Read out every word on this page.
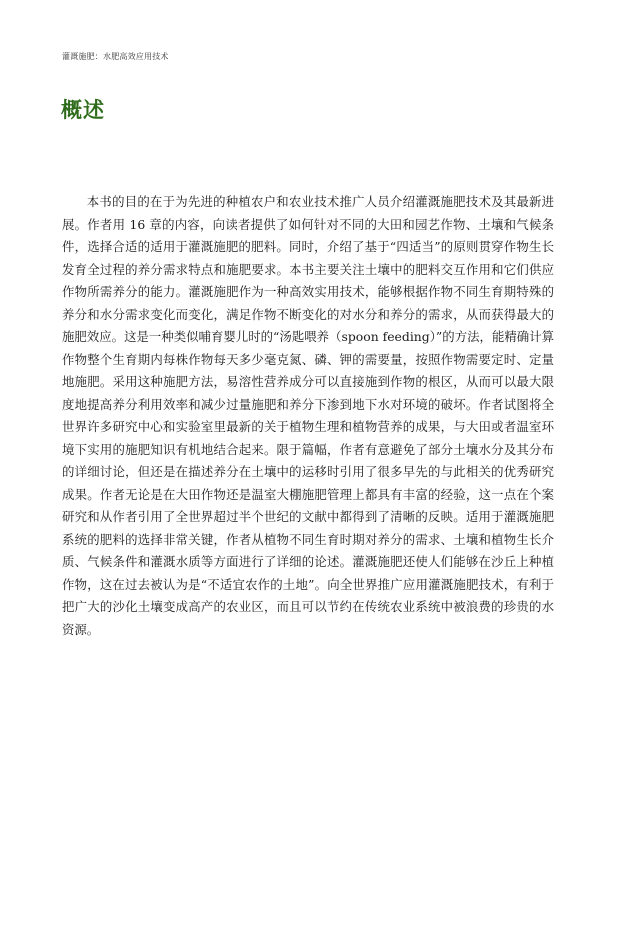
灌溉施肥：水肥高效应用技术
概述

本书的目的在于为先进的种植农户和农业技术推广人员介绍灌溉施肥技术及其最新进展。作者用 16 章的内容，向读者提供了如何针对不同的大田和园艺作物、土壤和气候条件，选择合适的适用于灌溉施肥的肥料。同时，介绍了基于“四适当”的原则贯穿作物生长发育全过程的养分需求特点和施肥要求。本书主要关注土壤中的肥料交互作用和它们供应作物所需养分的能力。灌溉施肥作为一种高效实用技术，能够根据作物不同生育期特殊的养分和水分需求变化而变化，满足作物不断变化的对水分和养分的需求，从而获得最大的施肥效应。这是一种类似哺育婴儿时的“汤匙喂养（spoon feeding）”的方法，能精确计算作物整个生育期内每株作物每天多少毫克氮、磷、钾的需要量，按照作物需要定时、定量地施肥。采用这种施肥方法，易溶性营养成分可以直接施到作物的根区，从而可以最大限度地提高养分利用效率和减少过量施肥和养分下渗到地下水对环境的破坏。作者试图将全世界许多研究中心和实验室里最新的关于植物生理和植物营养的成果，与大田或者温室环境下实用的施肥知识有机地结合起来。限于篇幅，作者有意避免了部分土壤水分及其分布的详细讨论，但还是在描述养分在土壤中的运移时引用了很多早先的与此相关的优秀研究成果。作者无论是在大田作物还是温室大棚施肥管理上都具有丰富的经验，这一点在个案研究和从作者引用了全世界超过半个世纪的文献中都得到了清晰的反映。适用于灌溉施肥系统的肥料的选择非常关键，作者从植物不同生育时期对养分的需求、土壤和植物生长介质、气候条件和灌溉水质等方面进行了详细的论述。灌溉施肥还使人们能够在沙丘上种植作物，这在过去被认为是“不适宜农作的土地”。向全世界推广应用灌溉施肥技术，有利于把广大的沙化土壤变成高产的农业区，而且可以节约在传统农业系统中被浪费的珍贵的水资源。
